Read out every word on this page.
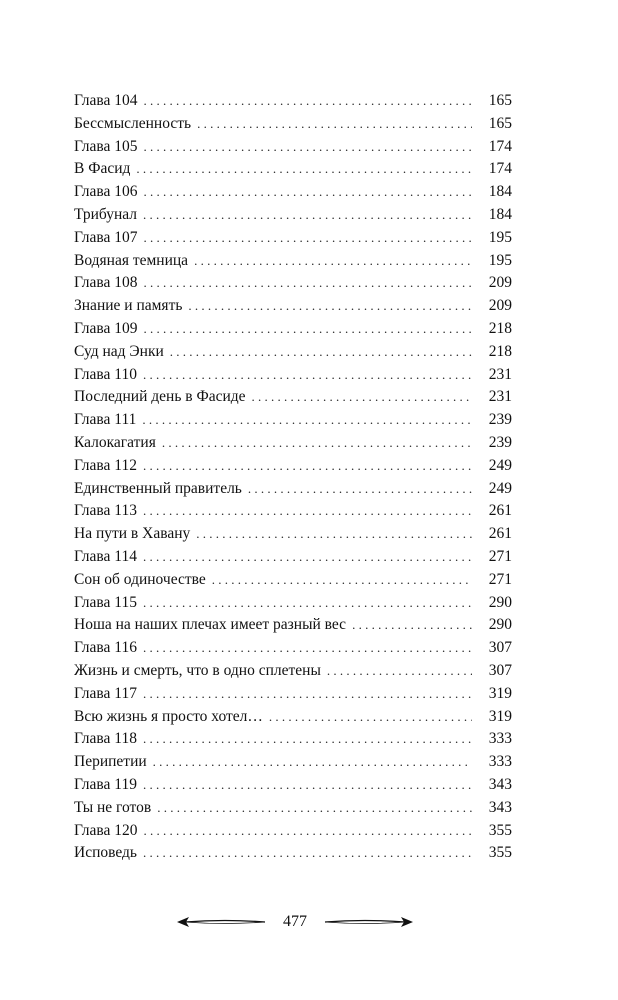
Глава 104 . . .	165
Бессмысленность . . .	165
Глава 105 . . .	174
В Фасид . . .	174
Глава 106 . . .	184
Трибунал . . .	184
Глава 107 . . .	195
Водяная темница . . .	195
Глава 108 . . .	209
Знание и память . . .	209
Глава 109 . . .	218
Суд над Энки . . .	218
Глава 110 . . .	231
Последний день в Фасиде . . .	231
Глава 111 . . .	239
Калокагатия . . .	239
Глава 112 . . .	249
Единственный правитель . . .	249
Глава 113 . . .	261
На пути в Хавану . . .	261
Глава 114 . . .	271
Сон об одиночестве . . .	271
Глава 115 . . .	290
Ноша на наших плечах имеет разный вес . . .	290
Глава 116 . . .	307
Жизнь и смерть, что в одно сплетены . . .	307
Глава 117 . . .	319
Всю жизнь я просто хотел… . . .	319
Глава 118 . . .	333
Перипетии . . .	333
Глава 119 . . .	343
Ты не готов . . .	343
Глава 120 . . .	355
Исповедь . . .	355
477
